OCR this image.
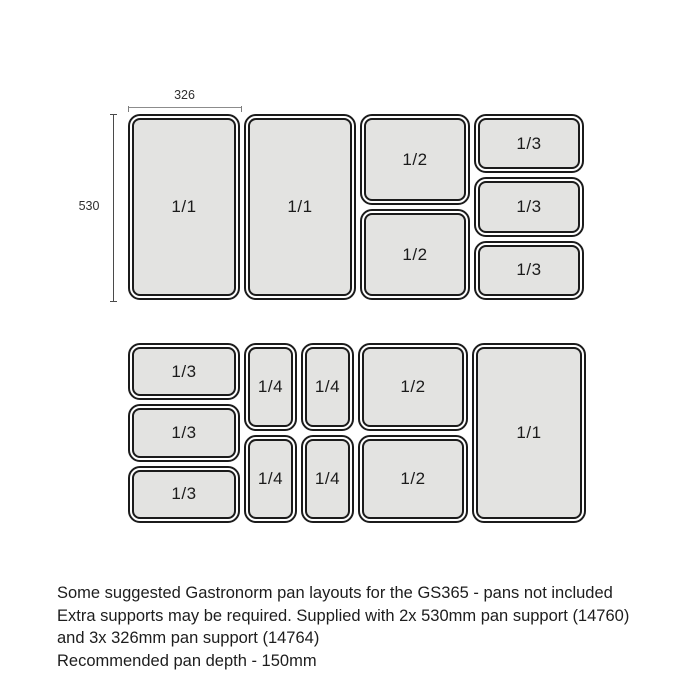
326
530	1/1	1/1
1/2
1/2
1/3
1/3
1/3
1/3
1/3
1/3
1/4
1/4
1/4
1/4
1/2
1/2
1/1
Some suggested Gastronorm pan layouts for the GS365 - pans not included
Extra supports may be required. Supplied with 2x 530mm pan support (14760)
and 3x 326mm pan support (14764)
Recommended pan depth - 150mm
